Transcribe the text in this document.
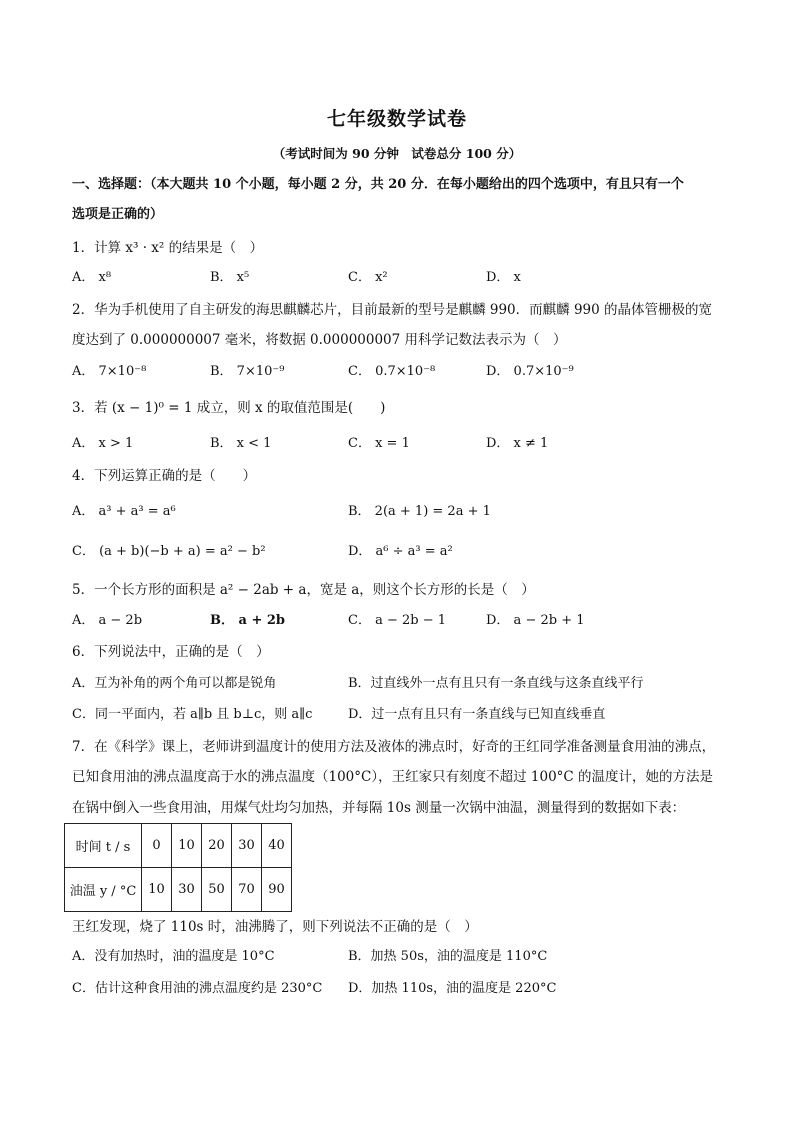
七年级数学试卷
（考试时间为 90 分钟　试卷总分 100 分）
一、选择题：（本大题共 10 个小题，每小题 2 分，共 20 分．在每小题给出的四个选项中，有且只有一个
选项是正确的）
1．计算 x³ · x² 的结果是（　）
A． x⁸	B． x⁵	C． x²	D． x
2．华为手机使用了自主研发的海思麒麟芯片，目前最新的型号是麒麟 990．而麒麟 990 的晶体管栅极的宽
度达到了 0.000000007 毫米，将数据 0.000000007 用科学记数法表示为（　）
A． 7×10⁻⁸	B． 7×10⁻⁹	C． 0.7×10⁻⁸	D． 0.7×10⁻⁹
3．若 (x − 1)⁰ = 1 成立，则 x 的取值范围是(　　)
A． x > 1	B． x < 1	C． x = 1	D． x ≠ 1
4．下列运算正确的是（　　）
A． a³ + a³ = a⁶	B． 2(a + 1) = 2a + 1
C． (a + b)(−b + a) = a² − b²	D． a⁶ ÷ a³ = a²
5．一个长方形的面积是 a² − 2ab + a，宽是 a，则这个长方形的长是（　）
A． a − 2b	B． a + 2b	C． a − 2b − 1	D． a − 2b + 1
6．下列说法中，正确的是（　）
A．互为补角的两个角可以都是锐角	B．过直线外一点有且只有一条直线与这条直线平行
C．同一平面内，若 a∥b 且 b⊥c，则 a∥c	D．过一点有且只有一条直线与已知直线垂直
7．在《科学》课上，老师讲到温度计的使用方法及液体的沸点时，好奇的王红同学准备测量食用油的沸点，
已知食用油的沸点温度高于水的沸点温度（100°C），王红家只有刻度不超过 100°C 的温度计，她的方法是
在锅中倒入一些食用油，用煤气灶均匀加热，并每隔 10s 测量一次锅中油温，测量得到的数据如下表：
时间 t / s	0	10	20	30	40
油温 y / °C	10	30	50	70	90
王红发现，烧了 110s 时，油沸腾了，则下列说法不正确的是（　）
A．没有加热时，油的温度是 10°C	B．加热 50s，油的温度是 110°C
C．估计这种食用油的沸点温度约是 230°C D．加热 110s，油的温度是 220°C
